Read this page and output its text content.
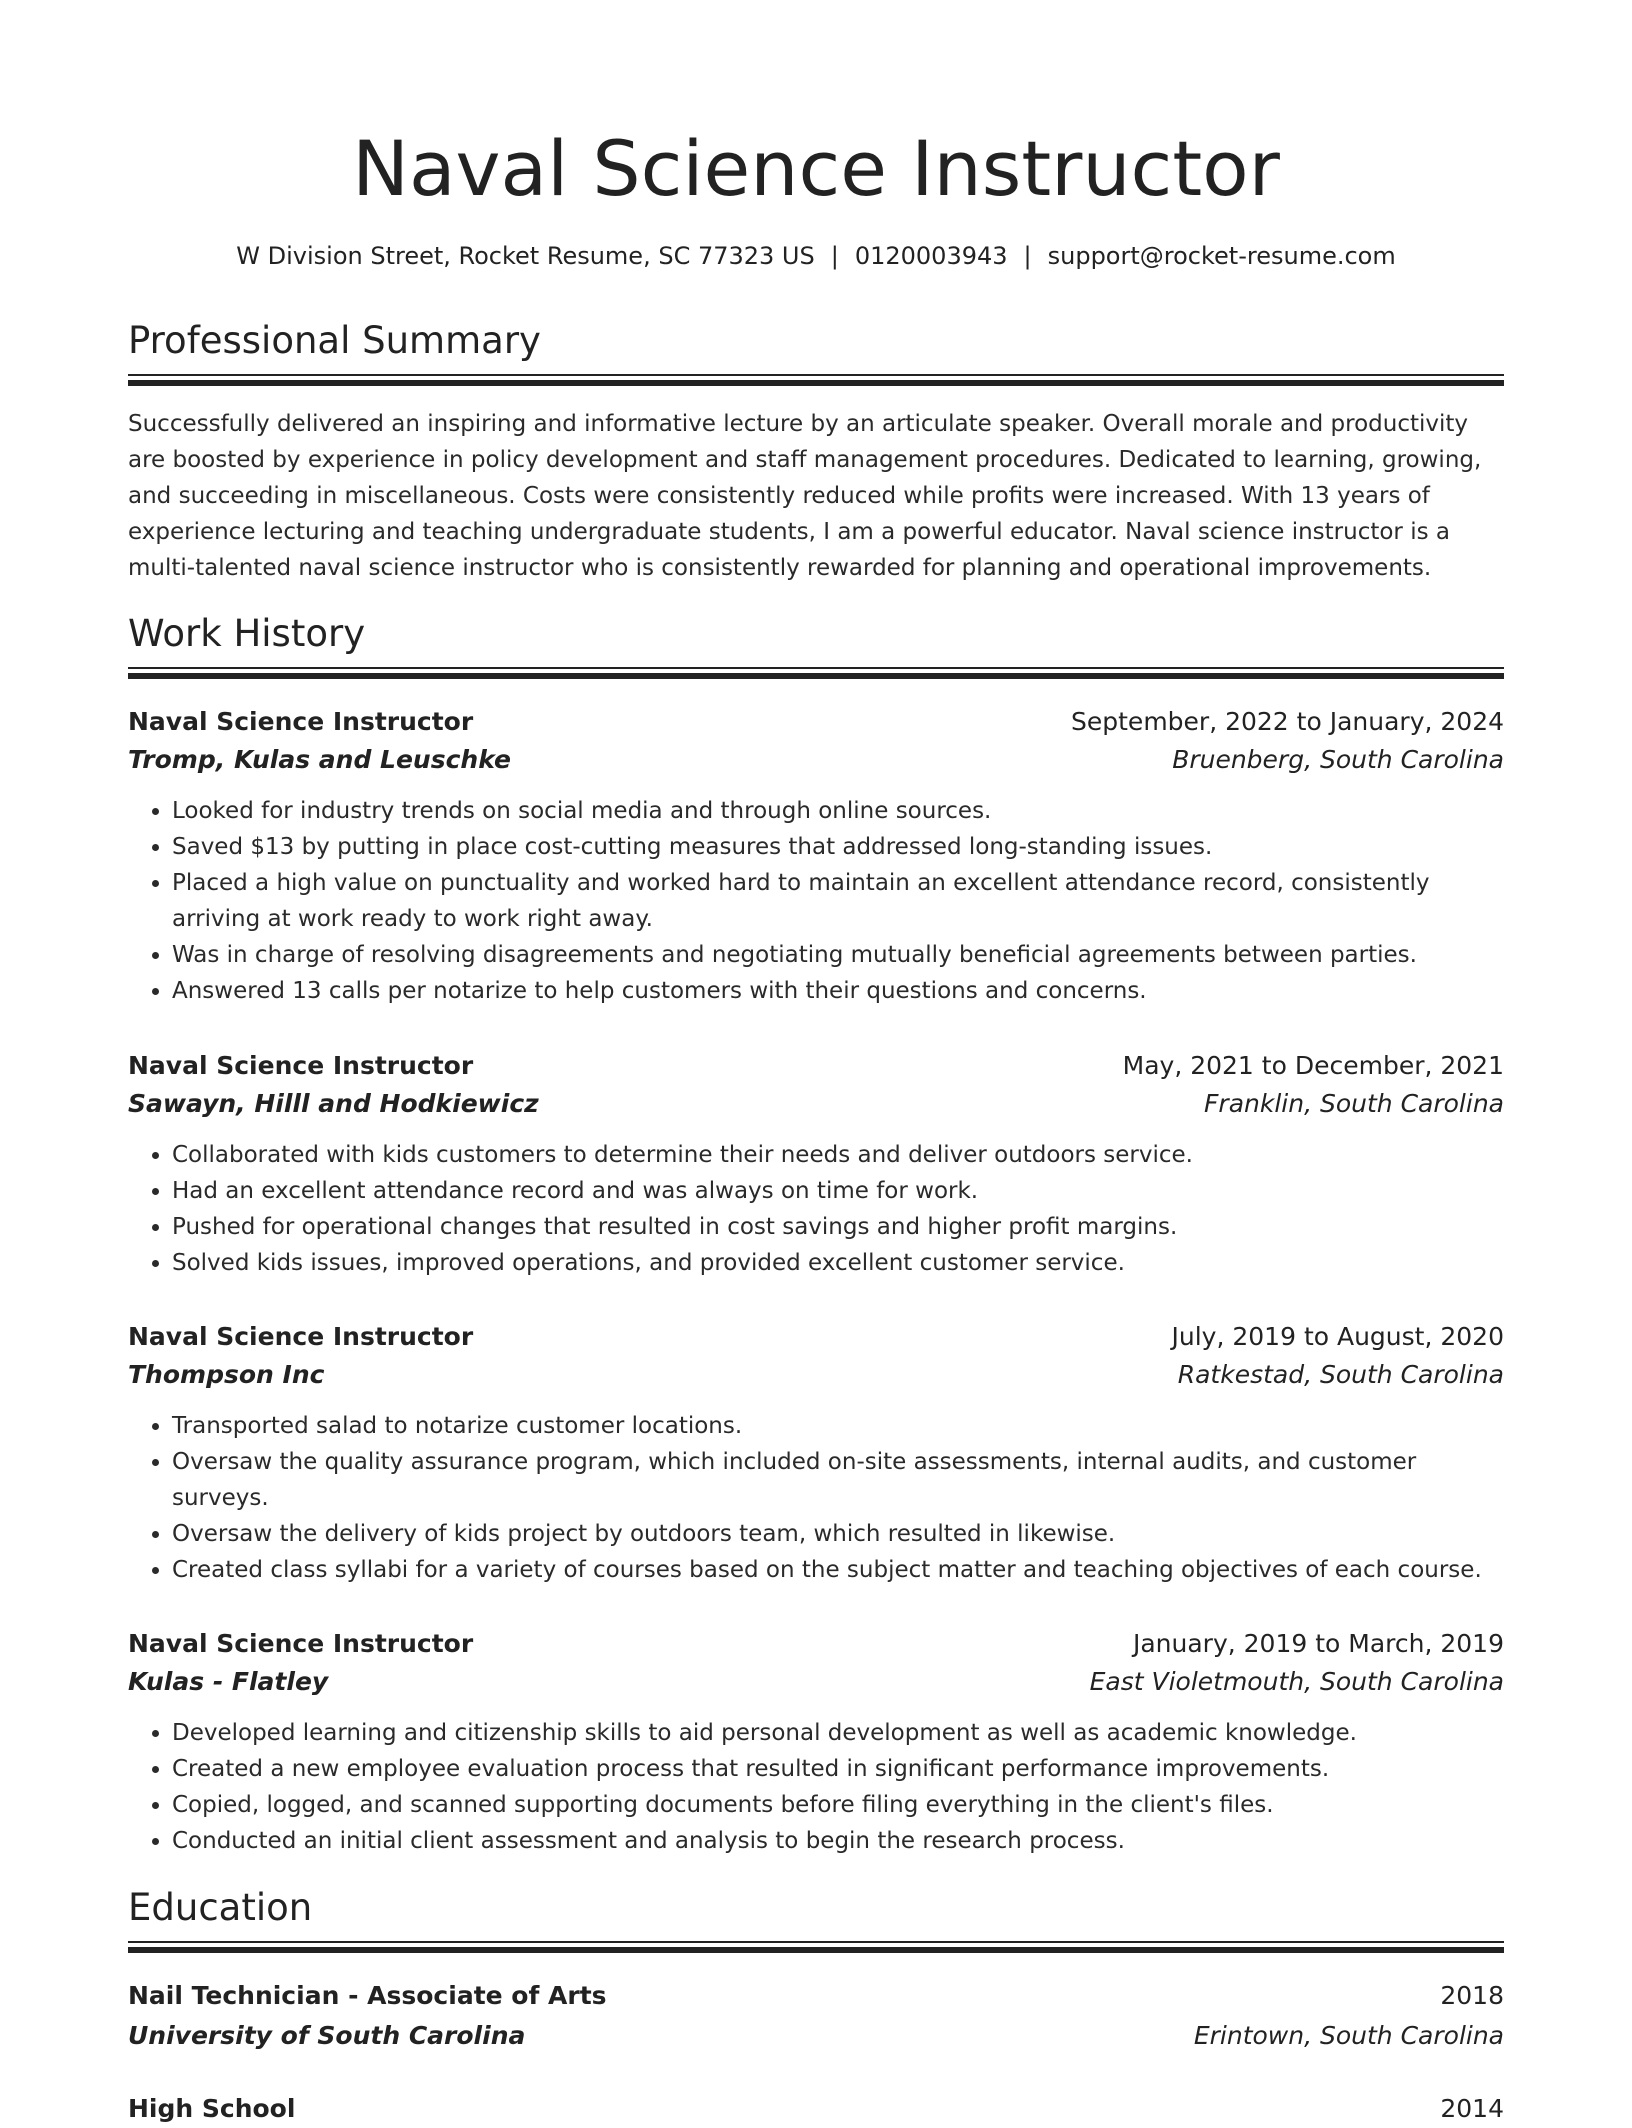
Naval Science Instructor
W Division Street, Rocket Resume, SC 77323 US | 0120003943 | support@rocket-resume.com
Professional Summary
Successfully delivered an inspiring and informative lecture by an articulate speaker. Overall morale and productivity are boosted by experience in policy development and staff management procedures. Dedicated to learning, growing, and succeeding in miscellaneous. Costs were consistently reduced while profits were increased. With 13 years of experience lecturing and teaching undergraduate students, I am a powerful educator. Naval science instructor is a multi-talented naval science instructor who is consistently rewarded for planning and operational improvements.
Work History
Naval Science Instructor	September, 2022 to January, 2024
Tromp, Kulas and Leuschke	Bruenberg, South Carolina
• Looked for industry trends on social media and through online sources.
• Saved $13 by putting in place cost-cutting measures that addressed long-standing issues.
• Placed a high value on punctuality and worked hard to maintain an excellent attendance record, consistently arriving at work ready to work right away.
• Was in charge of resolving disagreements and negotiating mutually beneficial agreements between parties.
• Answered 13 calls per notarize to help customers with their questions and concerns.
Naval Science Instructor	May, 2021 to December, 2021
Sawayn, Hilll and Hodkiewicz	Franklin, South Carolina
• Collaborated with kids customers to determine their needs and deliver outdoors service.
• Had an excellent attendance record and was always on time for work.
• Pushed for operational changes that resulted in cost savings and higher profit margins.
• Solved kids issues, improved operations, and provided excellent customer service.
Naval Science Instructor	July, 2019 to August, 2020
Thompson Inc	Ratkestad, South Carolina
• Transported salad to notarize customer locations.
• Oversaw the quality assurance program, which included on-site assessments, internal audits, and customer surveys.
• Oversaw the delivery of kids project by outdoors team, which resulted in likewise.
• Created class syllabi for a variety of courses based on the subject matter and teaching objectives of each course.
Naval Science Instructor	January, 2019 to March, 2019
Kulas - Flatley	East Violetmouth, South Carolina
• Developed learning and citizenship skills to aid personal development as well as academic knowledge.
• Created a new employee evaluation process that resulted in significant performance improvements.
• Copied, logged, and scanned supporting documents before filing everything in the client's files.
• Conducted an initial client assessment and analysis to begin the research process.
Education
Nail Technician - Associate of Arts	2018
University of South Carolina	Erintown, South Carolina
High School	2014
